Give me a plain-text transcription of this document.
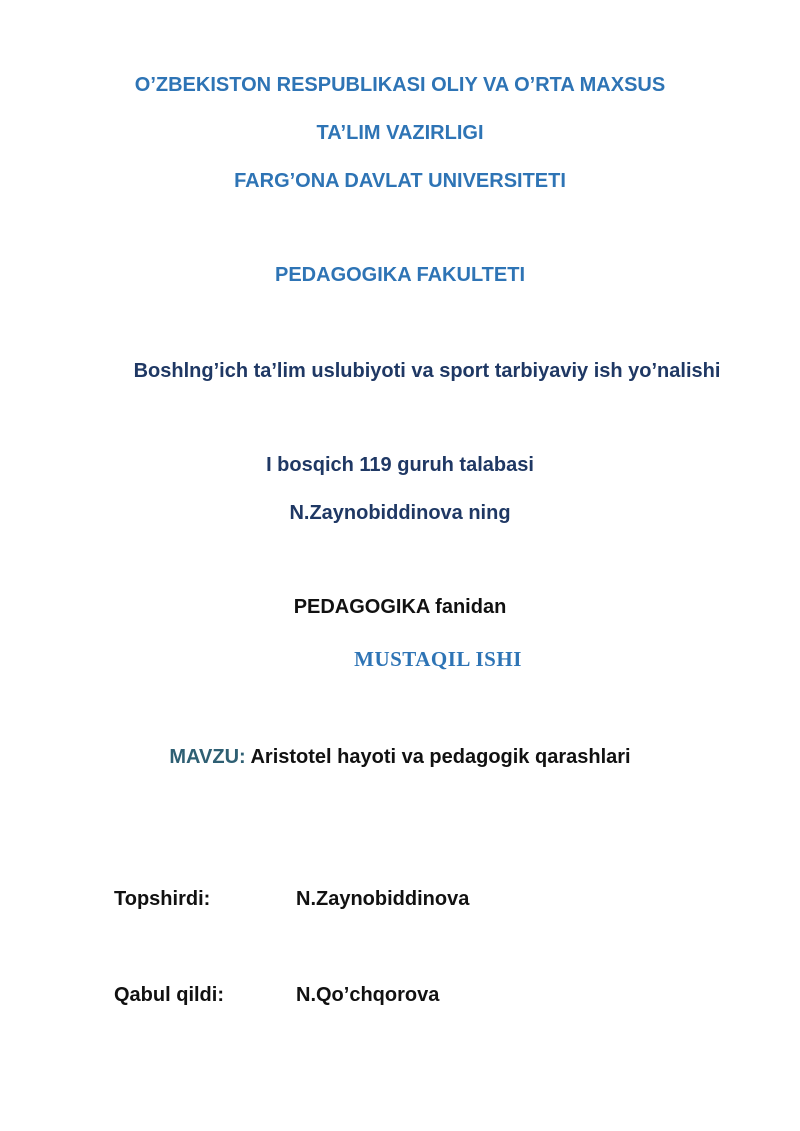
O’ZBEKISTON RESPUBLIKASI OLIY VA O’RTA MAXSUS
TA’LIM VAZIRLIGI
FARG’ONA DAVLAT UNIVERSITETI
PEDAGOGIKA FAKULTETI
Boshlng’ich ta’lim uslubiyoti va sport tarbiyaviy ish yo’nalishi
I bosqich 119 guruh talabasi
N.Zaynobiddinova ning
PEDAGOGIKA fanidan
MUSTAQIL ISHI
MAVZU: Aristotel hayoti va pedagogik qarashlari
Topshirdi:	N.Zaynobiddinova
Qabul qildi:	N.Qo’chqorova
